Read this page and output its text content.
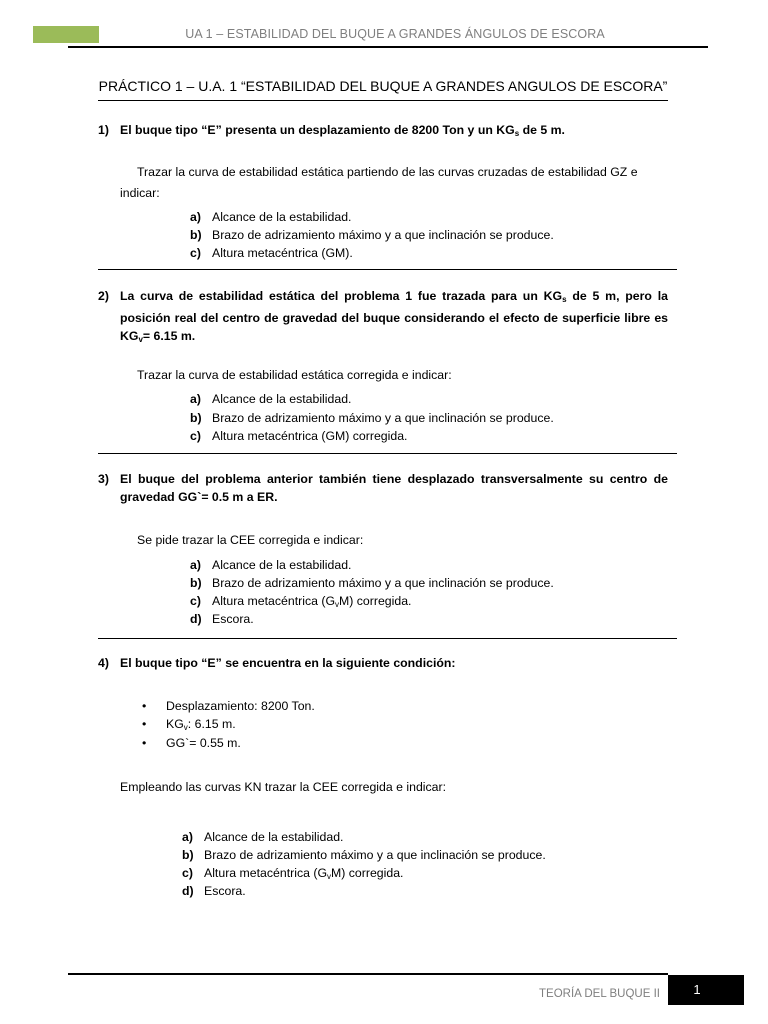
UA 1 – ESTABILIDAD DEL BUQUE A GRANDES ÁNGULOS DE ESCORA
PRÁCTICO 1 – U.A. 1 “ESTABILIDAD DEL BUQUE A GRANDES ANGULOS DE ESCORA”
1) El buque tipo “E” presenta un desplazamiento de 8200 Ton y un $KG_s$ de 5 m.
Trazar la curva de estabilidad estática partiendo de las curvas cruzadas de estabilidad GZ e indicar:
a) Alcance de la estabilidad.
b) Brazo de adrizamiento máximo y a que inclinación se produce.
c) Altura metacéntrica (GM).
2) La curva de estabilidad estática del problema 1 fue trazada para un $KG_s$ de 5 m, pero la posición real del centro de gravedad del buque considerando el efecto de superficie libre es $KG_v= 6.15$ m.
Trazar la curva de estabilidad estática corregida e indicar:
a) Alcance de la estabilidad.
b) Brazo de adrizamiento máximo y a que inclinación se produce.
c) Altura metacéntrica (GM) corregida.
3) El buque del problema anterior también tiene desplazado transversalmente su centro de gravedad GG`= 0.5 m a ER.
Se pide trazar la CEE corregida e indicar:
a) Alcance de la estabilidad.
b) Brazo de adrizamiento máximo y a que inclinación se produce.
c) Altura metacéntrica $(G_vM)$ corregida.
d) Escora.
4) El buque tipo “E” se encuentra en la siguiente condición:
• Desplazamiento: 8200 Ton.
• $KG_v$: 6.15 m.
• GG`= 0.55 m.
Empleando las curvas KN trazar la CEE corregida e indicar:
a) Alcance de la estabilidad.
b) Brazo de adrizamiento máximo y a que inclinación se produce.
c) Altura metacéntrica $(G_vM)$ corregida.
d) Escora.
TEORÍA DEL BUQUE II	1
